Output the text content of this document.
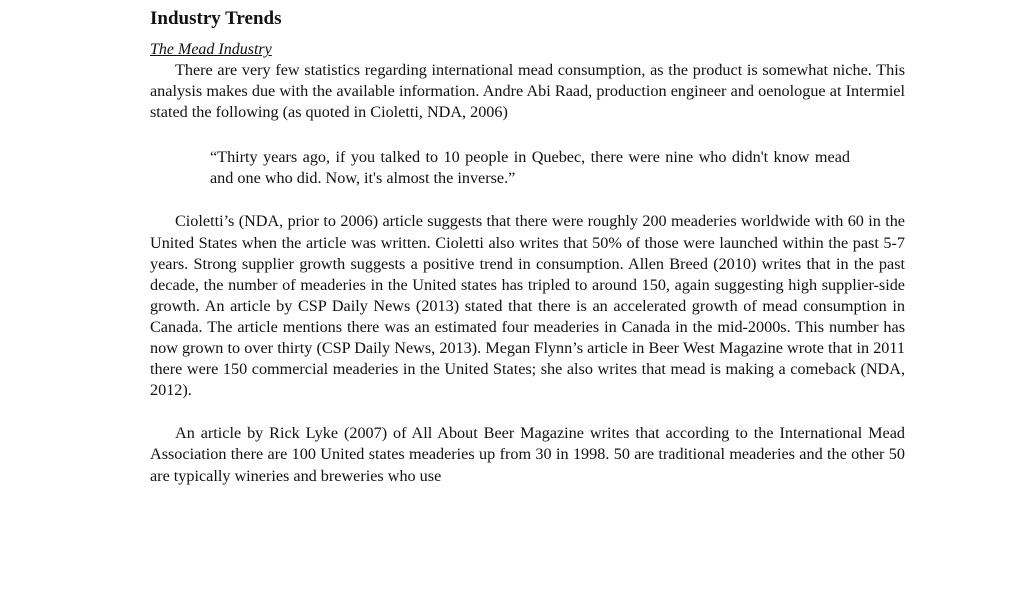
Industry Trends
The Mead Industry

There are very few statistics regarding international mead consumption, as the product is somewhat niche. This analysis makes due with the available information. Andre Abi Raad, production engineer and oenologue at Intermiel stated the following (as quoted in Cioletti, NDA, 2006)

“Thirty years ago, if you talked to 10 people in Quebec, there were nine who didn't know mead and one who did. Now, it's almost the inverse.”

Cioletti’s (NDA, prior to 2006) article suggests that there were roughly 200 meaderies worldwide with 60 in the United States when the article was written. Cioletti also writes that 50% of those were launched within the past 5-7 years. Strong supplier growth suggests a positive trend in consumption. Allen Breed (2010) writes that in the past decade, the number of meaderies in the United states has tripled to around 150, again suggesting high supplier-side growth. An article by CSP Daily News (2013) stated that there is an accelerated growth of mead consumption in Canada. The article mentions there was an estimated four meaderies in Canada in the mid-2000s. This number has now grown to over thirty (CSP Daily News, 2013). Megan Flynn’s article in Beer West Magazine wrote that in 2011 there were 150 commercial meaderies in the United States; she also writes that mead is making a comeback (NDA, 2012).

An article by Rick Lyke (2007) of All About Beer Magazine writes that according to the International Mead Association there are 100 United states meaderies up from 30 in 1998. 50 are traditional meaderies and the other 50 are typically wineries and breweries who use
